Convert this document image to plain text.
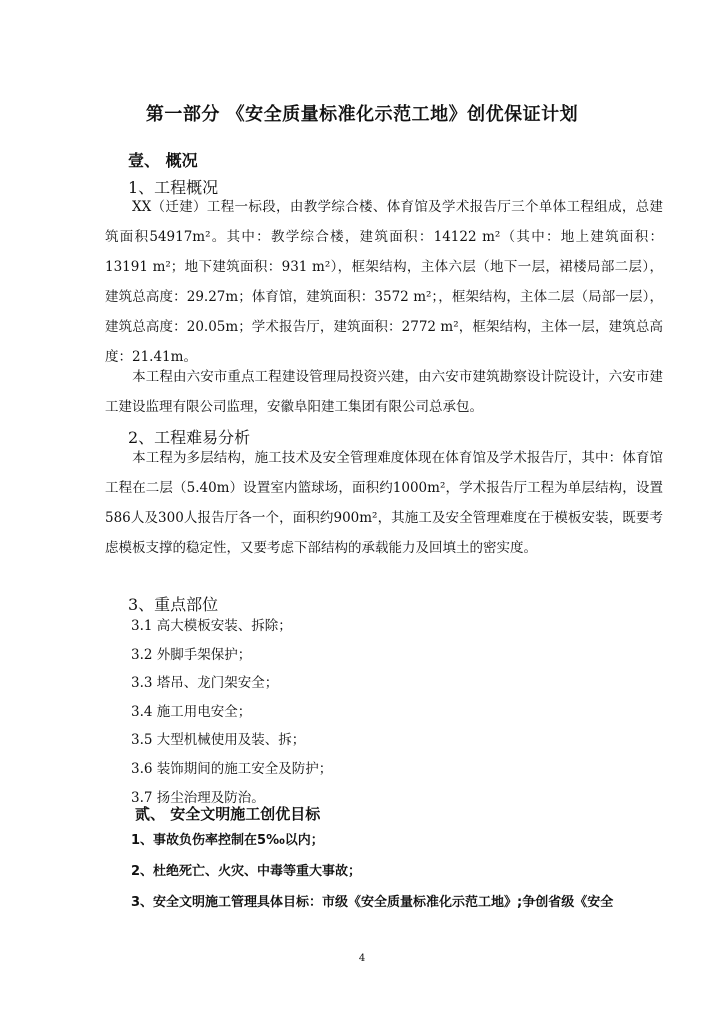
第一部分 《安全质量标准化示范工地》创优保证计划
壹、 概况
1、工程概况

XX（迁建）工程一标段，由教学综合楼、体育馆及学术报告厅三个单体工程组成，总建筑面积54917m²。其中：教学综合楼，建筑面积：14122 m²（其中：地上建筑面积：13191 m²；地下建筑面积：931 m²），框架结构，主体六层（地下一层，裙楼局部二层），建筑总高度：29.27m；体育馆，建筑面积：3572 m²；，框架结构，主体二层（局部一层），建筑总高度：20.05m；学术报告厅，建筑面积：2772 m²，框架结构，主体一层，建筑总高度：21.41m。

本工程由六安市重点工程建设管理局投资兴建，由六安市建筑勘察设计院设计，六安市建工建设监理有限公司监理，安徽阜阳建工集团有限公司总承包。

2、工程难易分析

本工程为多层结构，施工技术及安全管理难度体现在体育馆及学术报告厅，其中：体育馆工程在二层（5.40m）设置室内篮球场，面积约1000m²，学术报告厅工程为单层结构，设置586人及300人报告厅各一个，面积约900m²，其施工及安全管理难度在于模板安装，既要考虑模板支撑的稳定性，又要考虑下部结构的承载能力及回填土的密实度。

3、重点部位
3.1 高大模板安装、拆除；
3.2 外脚手架保护；
3.3 塔吊、龙门架安全；
3.4 施工用电安全；
3.5 大型机械使用及装、拆；
3.6 装饰期间的施工安全及防护；
3.7 扬尘治理及防治。
贰、 安全文明施工创优目标
1、事故负伤率控制在5‰以内；
2、杜绝死亡、火灾、中毒等重大事故；
3、安全文明施工管理具体目标：市级《安全质量标准化示范工地》;争创省级《安全
4
